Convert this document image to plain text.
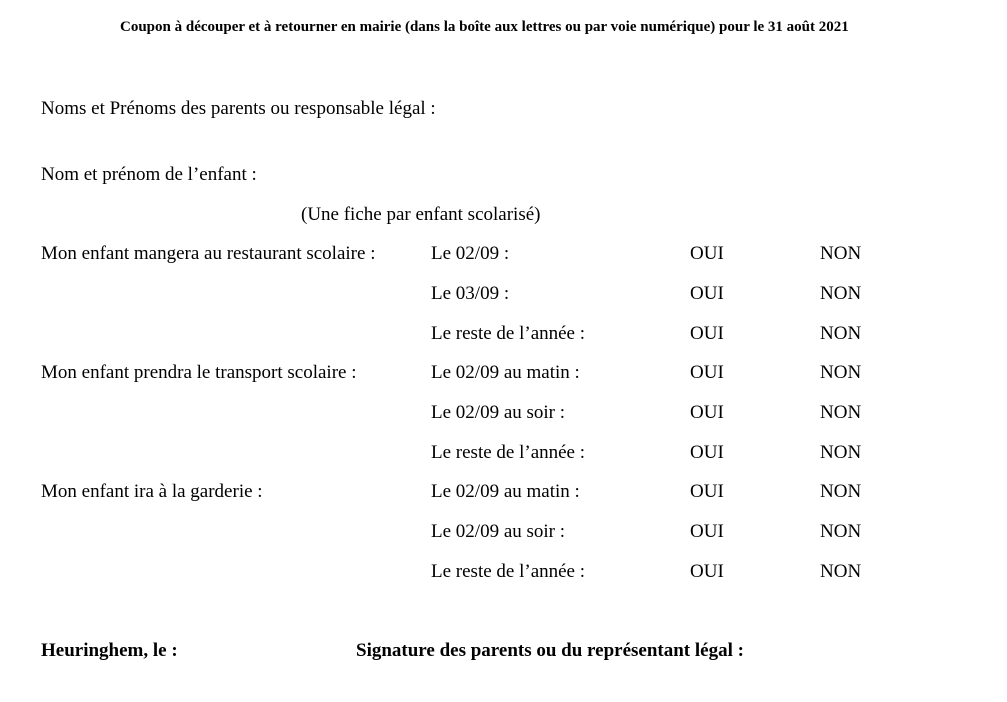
Coupon à découper et à retourner en mairie (dans la boîte aux lettres ou par voie numérique) pour le 31 août 2021
Noms et Prénoms des parents ou responsable légal :
Nom et prénom de l’enfant :
(Une fiche par enfant scolarisé)
Mon enfant mangera au restaurant scolaire :	Le 02/09 :	OUI	NON
Le 03/09 :	OUI	NON
Le reste de l’année :	OUI	NON
Mon enfant prendra le transport scolaire :	Le 02/09 au matin :	OUI	NON
Le 02/09 au soir :	OUI	NON
Le reste de l’année :	OUI	NON
Mon enfant ira à la garderie :	Le 02/09 au matin :	OUI	NON
Le 02/09 au soir :	OUI	NON
Le reste de l’année :	OUI	NON
Heuringhem, le :	Signature des parents ou du représentant légal :
